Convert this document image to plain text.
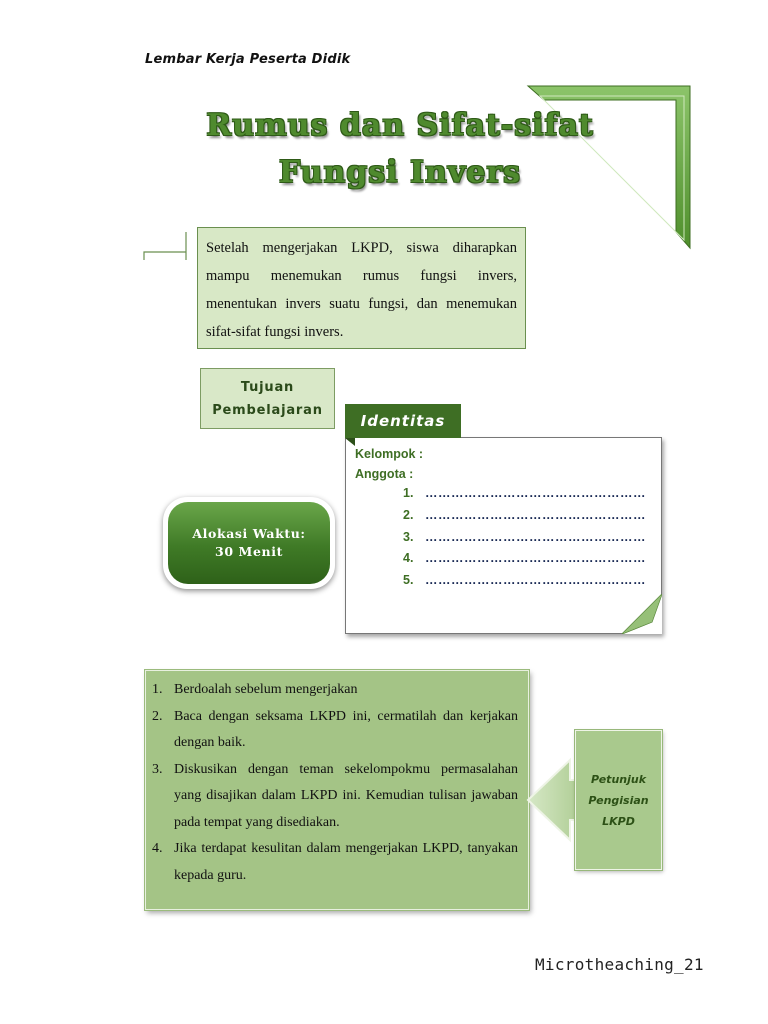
Lembar Kerja Peserta Didik
Rumus dan Sifat-sifat
Fungsi Invers
Setelah mengerjakan LKPD, siswa diharapkan mampu menemukan rumus fungsi invers, menentukan invers suatu fungsi, dan menemukan sifat-sifat fungsi invers.
Tujuan
Pembelajaran
Identitas
Kelompok :
Anggota :
1. ……………………………………………
2. ……………………………………………
3. ……………………………………………
4. ……………………………………………
5. ……………………………………………
Alokasi Waktu:
30 Menit
1. Berdoalah sebelum mengerjakan
2. Baca dengan seksama LKPD ini, cermatilah dan kerjakan dengan baik.
3. Diskusikan dengan teman sekelompokmu permasalahan yang disajikan dalam LKPD ini. Kemudian tulisan jawaban pada tempat yang disediakan.
4. Jika terdapat kesulitan dalam mengerjakan LKPD, tanyakan kepada guru.
Petunjuk
Pengisian
LKPD
Microtheaching_21
